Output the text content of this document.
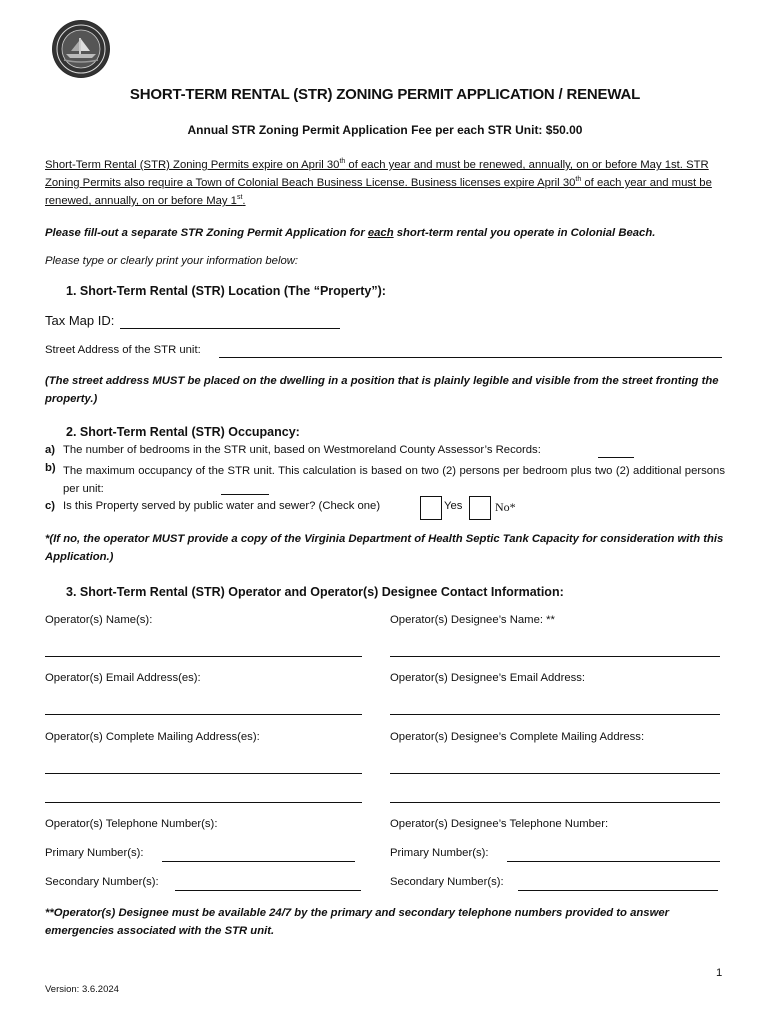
SHORT-TERM RENTAL (STR) ZONING PERMIT APPLICATION / RENEWAL
Annual STR Zoning Permit Application Fee per each STR Unit: $50.00
Short-Term Rental (STR) Zoning Permits expire on April 30th of each year and must be renewed, annually, on or before May 1st. STR Zoning Permits also require a Town of Colonial Beach Business License. Business licenses expire April 30th of each year and must be renewed, annually, on or before May 1st.
Please fill-out a separate STR Zoning Permit Application for each short-term rental you operate in Colonial Beach.
Please type or clearly print your information below:
1. Short-Term Rental (STR) Location (The “Property”):
Tax Map ID:
Street Address of the STR unit:
(The street address MUST be placed on the dwelling in a position that is plainly legible and visible from the street fronting the property.)
2. Short-Term Rental (STR) Occupancy:
a) The number of bedrooms in the STR unit, based on Westmoreland County Assessor’s Records:
b) The maximum occupancy of the STR unit. This calculation is based on two (2) persons per bedroom plus two (2) additional persons per unit:
c) Is this Property served by public water and sewer? (Check one)	Yes	No*
*(If no, the operator MUST provide a copy of the Virginia Department of Health Septic Tank Capacity for consideration with this Application.)
3. Short-Term Rental (STR) Operator and Operator(s) Designee Contact Information:
Operator(s) Name(s):	Operator(s) Designee’s Name: **
Operator(s) Email Address(es):	Operator(s) Designee’s Email Address:
Operator(s) Complete Mailing Address(es):	Operator(s) Designee’s Complete Mailing Address:
Operator(s) Telephone Number(s):	Operator(s) Designee’s Telephone Number:
Primary Number(s):	Primary Number(s):
Secondary Number(s):	Secondary Number(s):
**Operator(s) Designee must be available 24/7 by the primary and secondary telephone numbers provided to answer emergencies associated with the STR unit.
1
Version: 3.6.2024
